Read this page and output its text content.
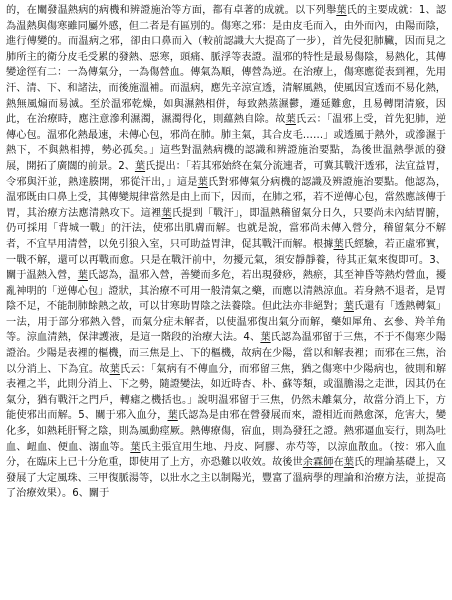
的，在闡發温熱病的病機和辨證施治等方面，都有卓著的成就。以下列舉葉氏的主要成就：1、認為温熱與傷寒雖同屬外感，但二者是有區別的。傷寒之邪：是由皮毛而入，由外而內，由陽而陰，進行傳變的。而温病之邪，卻由口鼻而入（較前認識大大提高了一步），首先侵犯肺臟，因而見之肺所主的衛分皮毛受累的發熱、惡寒，頭痛、脈浮等表證。温邪的特性是最易傷陰，易熱化，其傳變途徑有二：一為傳氣分，一為傷營血。傳氣為順，傳營為逆。在治療上，傷寒應從表到裡，先用汗、清、下、和諸法，而後施溫補。而温病，應先辛涼宣透，清解風熱，使風因宣透而不易化熱，熱無風煽而易滅。至於温邪乾燥，如與濕熱相併，每致熱蒸濕鬱，遷延難愈，且易轉閉清竅，因此，在治療時，應注意滲利濕濁，濕濁得化，則蘊熱自除。故葉氏云：「温邪上受，首先犯肺，逆傳心包。温邪化熱最速，未傳心包，邪尚在肺。肺主氣，其合皮毛……」或透風于熱外，或滲濕于熱下，不與熱相搏，勢必孤矣。」這些對温熱病機的認識和辨證施治要點，為後世温熱學派的發展，開拓了廣闊的前景。2、葉氏提出：「若其邪始終在氣分流連者，可冀其戰汗透邪，法宜益胃，令邪與汗並，熱達腠開，邪從汗出，」這是葉氏對邪傳氣分病機的認識及辨證施治要點。他認為，温邪既由口鼻上受，其傳變規律當然是由上而下，因而，在肺之邪，若不逆傳心包，當然應該傳于胃，其治療方法應清熱攻下。這裡葉氏提到「戰汗」，即温熱稽留氣分日久，只要尚未內結胃腑，仍可採用「背城一戰」的汗法，使邪出肌膚而解。也就是說，當邪尚未傳入營分，稽留氣分不解者，不宜早用清營，以免引狼入室，只可助益胃津，促其戰汗而解。根據葉氏經驗，若正虛邪實，一戰不解，還可以再戰而愈。只是在戰汗前中，勿擾元氣，須安靜靜養，待其正氣來復即可。3、關于温熱入營，葉氏認為，温邪入營，善變而多危，若出現發痧，熱瘀，其至神昏等熱灼營血，擾亂神明的「逆傳心包」證狀，其治療不可用一般清氣之藥，而應以清熱涼血。若身熱不退者，是胃陰不足，不能制肺餘熱之故，可以甘寒助胃陰之法養陰。但此法亦非絕對；葉氏還有「透熱轉氣」一法，用于部分邪熱入營，而氣分症未解者，以使温邪復出氣分而解，藥如犀角、玄參、羚羊角等。涼血清熱，保津護液，是這一階段的治療大法。4、葉氏認為温邪留于三焦，不于不傷寒少陽證治。少陽是表裡的樞機，而三焦是上、下的樞機，故病在少陽，當以和解表裡；而邪在三焦，治以分消上、下為宜。故葉氏云：「氣病有不傳血分，而邪留三焦，猶之傷寒中少陽病也，彼則和解表裡之半，此則分消上、下之勢，隨證變法，如近時杏、朴、蘇等類，或溫膽湯之走泄，因其仍在氣分，猶有戰汗之門戶，轉瘧之機括也。」說明温邪留于三焦，仍然未離氣分，故當分消上下，方能使邪出而解。5、關于邪入血分，葉氏認為是由邪在營發展而來，證相近而熱愈深，危害大，變化多，如熱耗肝腎之陰，則為風動痙厥。熱傳療傷，宿血，則為發狂之證。熱邪逼血妄行，則為吐血、衄血、便血、溺血等。葉氏主張宜用生地、丹皮、阿膠、赤芍等，以涼血散血。（按：邪入血分，在臨床上已十分危重，即使用了上方，亦恐難以收效。故後世余霖師在葉氏的理論基礎上，又發展了大定風珠、三甲復脈湯等，以壯水之主以制陽光，豐富了溫病學的理論和治療方法，並提高了治療效果）。6、關于
